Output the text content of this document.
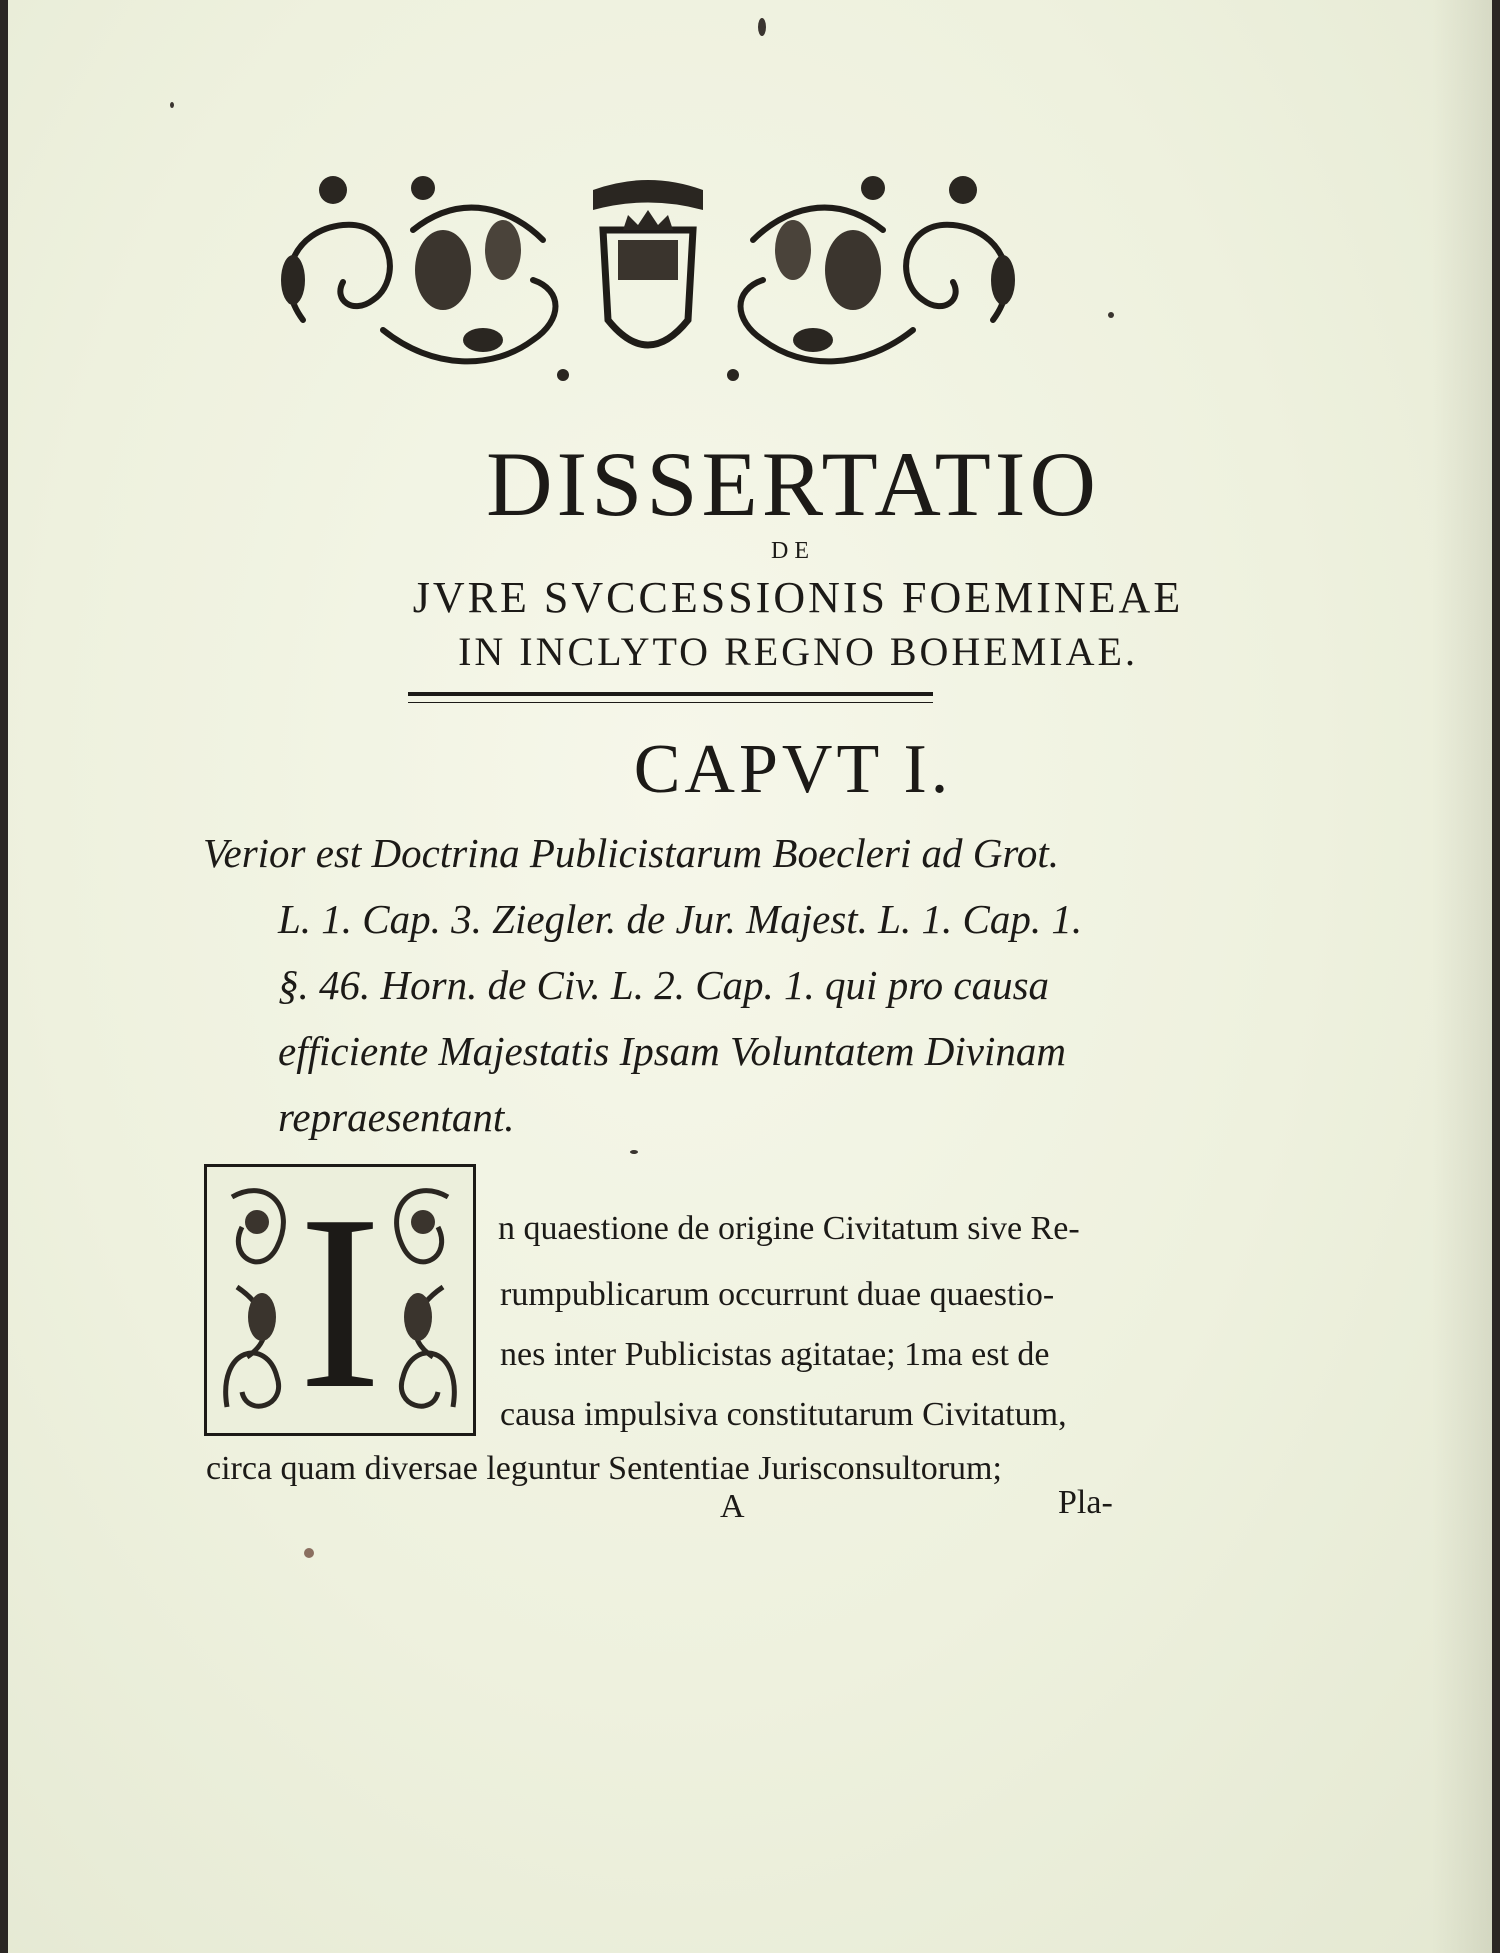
DISSERTATIO
DE
JVRE SVCCESSIONIS FOEMINEAE
IN INCLYTO REGNO BOHEMIAE.
CAPVT I.
Verior est Doctrina Publicistarum Boecleri ad Grot.
L. 1. Cap. 3. Ziegler. de Jur. Majest. L. 1. Cap. 1.
§. 46. Horn. de Civ. L. 2. Cap. 1. qui pro causa
efficiente Majestatis Ipsam Voluntatem Divinam
repraesentant.
I	n quaestione de origine Civitatum sive Re-
rumpublicarum occurrunt duae quaestio-
nes inter Publicistas agitatae; 1ma est de
causa impulsiva constitutarum Civitatum,
circa quam diversae leguntur Sententiae Jurisconsultorum;
A	Pla-
